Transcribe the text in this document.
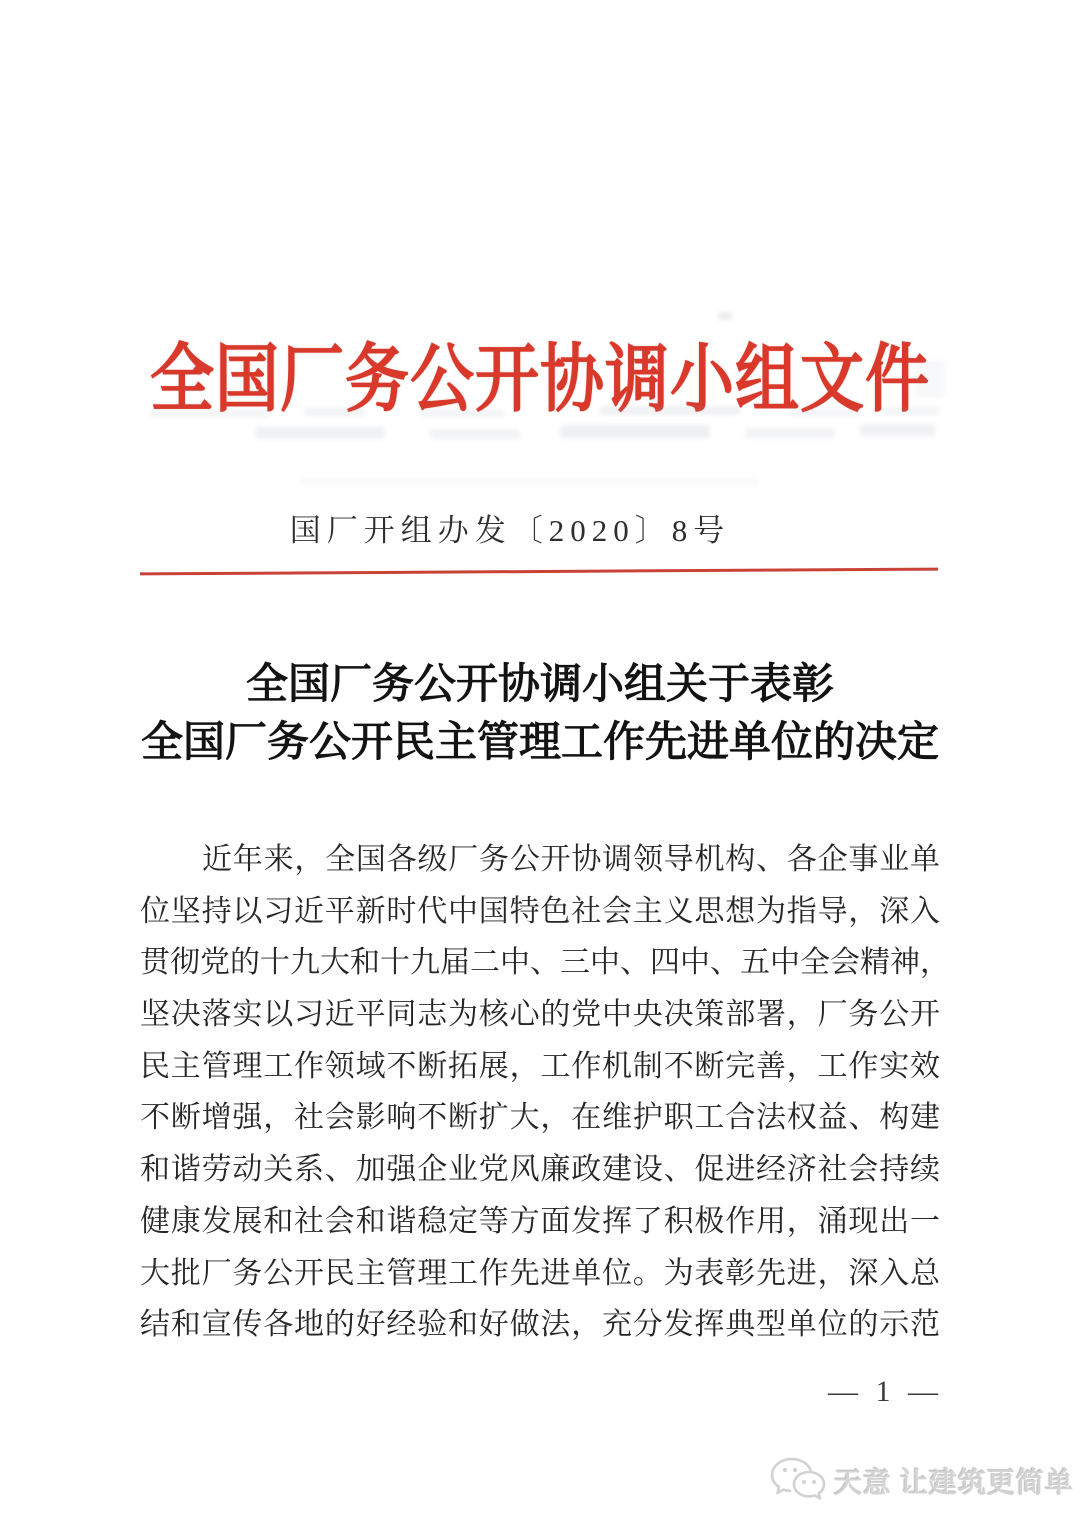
全国厂务公开协调小组文件
国厂开组办发〔2020〕8号
全国厂务公开协调小组关于表彰
全国厂务公开民主管理工作先进单位的决定
近年来，全国各级厂务公开协调领导机构、各企事业单
位坚持以习近平新时代中国特色社会主义思想为指导，深入
贯彻党的十九大和十九届二中、三中、四中、五中全会精神，
坚决落实以习近平同志为核心的党中央决策部署，厂务公开
民主管理工作领域不断拓展，工作机制不断完善，工作实效
不断增强，社会影响不断扩大，在维护职工合法权益、构建
和谐劳动关系、加强企业党风廉政建设、促进经济社会持续
健康发展和社会和谐稳定等方面发挥了积极作用，涌现出一
大批厂务公开民主管理工作先进单位。为表彰先进，深入总
结和宣传各地的好经验和好做法，充分发挥典型单位的示范
— 1 —
天意 让建筑更简单
